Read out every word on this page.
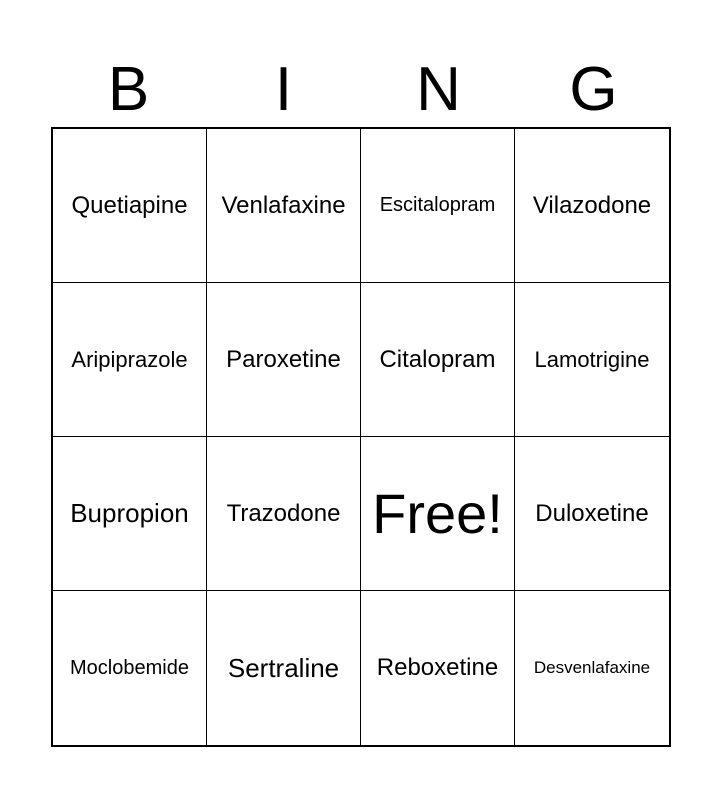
B	I	N	G
Quetiapine Venlafaxine Escitalopram Vilazodone
Aripiprazole Paroxetine Citalopram Lamotrigine
Bupropion Trazodone Free! Duloxetine
Moclobemide Sertraline Reboxetine Desvenlafaxine
